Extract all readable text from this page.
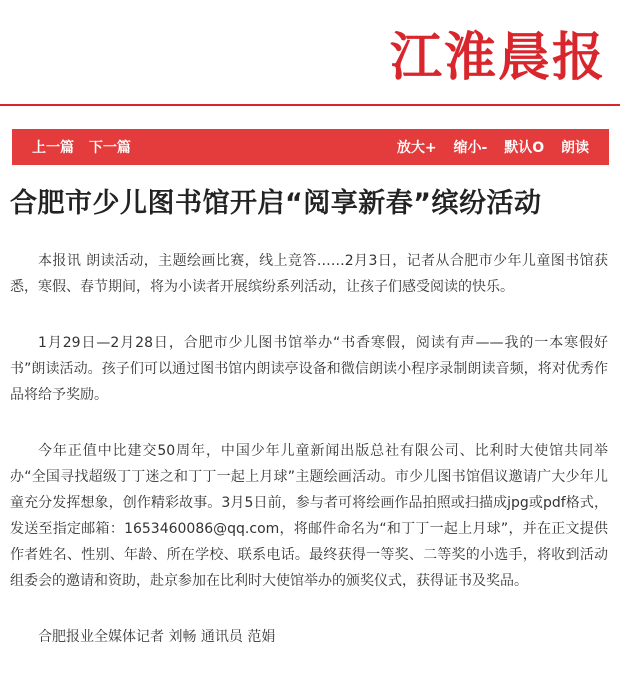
江淮晨报
上一篇 下一篇	放大+ 缩小- 默认O 朗读
合肥市少儿图书馆开启“阅享新春”缤纷活动

本报讯 朗读活动，主题绘画比赛，线上竞答……2月3日，记者从合肥市少年儿童图书馆获悉，寒假、春节期间，将为小读者开展缤纷系列活动，让孩子们感受阅读的快乐。

1月29日—2月28日，合肥市少儿图书馆举办“书香寒假，阅读有声——我的一本寒假好书”朗读活动。孩子们可以通过图书馆内朗读亭设备和微信朗读小程序录制朗读音频，将对优秀作品将给予奖励。

今年正值中比建交50周年，中国少年儿童新闻出版总社有限公司、比利时大使馆共同举办“全国寻找超级丁丁迷之和丁丁一起上月球”主题绘画活动。市少儿图书馆倡议邀请广大少年儿童充分发挥想象，创作精彩故事。3月5日前，参与者可将绘画作品拍照或扫描成jpg或pdf格式，发送至指定邮箱：1653460086@qq.com，将邮件命名为“和丁丁一起上月球”，并在正文提供作者姓名、性别、年龄、所在学校、联系电话。最终获得一等奖、二等奖的小选手，将收到活动组委会的邀请和资助，赴京参加在比利时大使馆举办的颁奖仪式，获得证书及奖品。

合肥报业全媒体记者 刘畅 通讯员 范娟
